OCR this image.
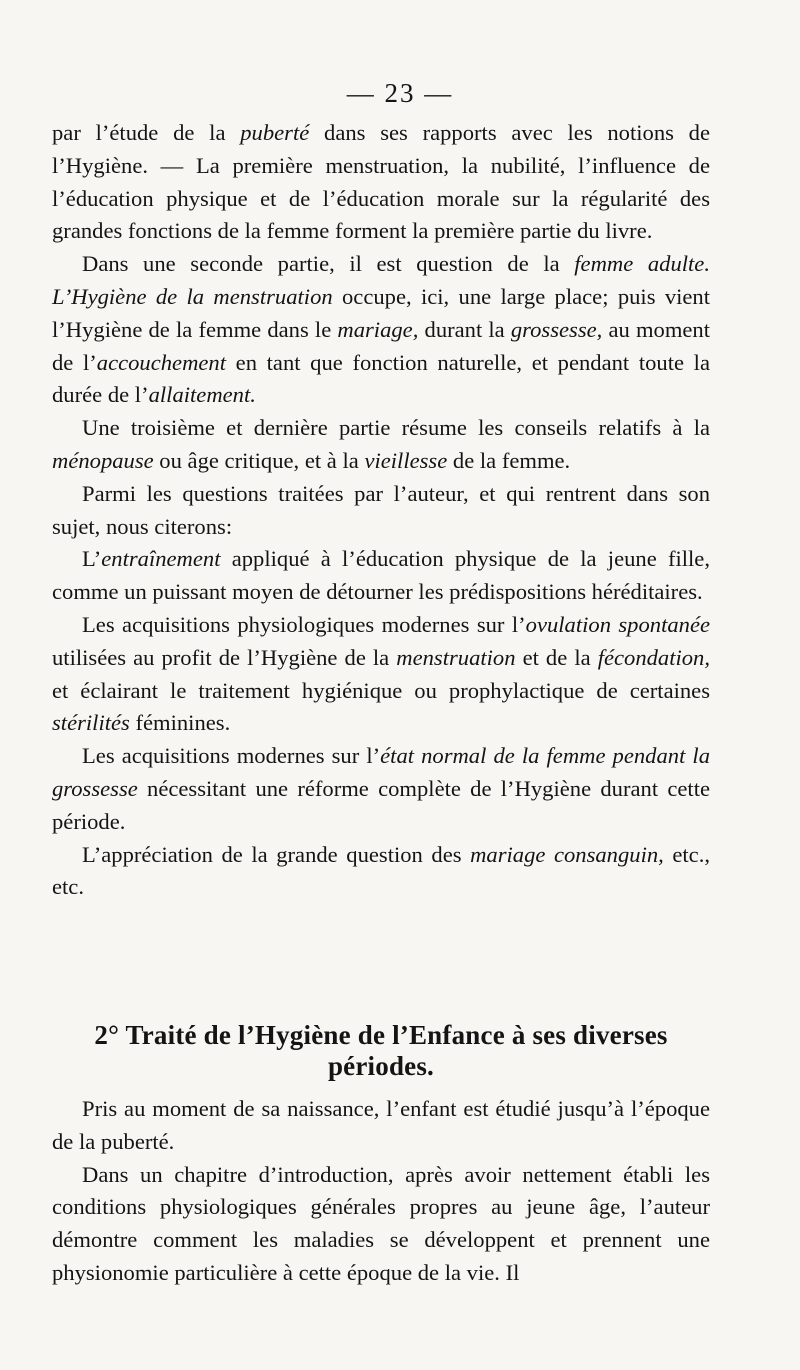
— 23 —

par l’étude de la puberté dans ses rapports avec les notions de l’Hygiène. — La première menstruation, la nubilité, l’influence de l’éducation physique et de l’éducation morale sur la régularité des grandes fonctions de la femme forment la première partie du livre.

Dans une seconde partie, il est question de la femme adulte. L’Hygiène de la menstruation occupe, ici, une large place; puis vient l’Hygiène de la femme dans le mariage, durant la grossesse, au moment de l’accouchement en tant que fonction naturelle, et pendant toute la durée de l’allaitement.

Une troisième et dernière partie résume les conseils relatifs à la ménopause ou âge critique, et à la vieillesse de la femme.

Parmi les questions traitées par l’auteur, et qui rentrent dans son sujet, nous citerons:

L’entraînement appliqué à l’éducation physique de la jeune fille, comme un puissant moyen de détourner les prédispositions héréditaires.

Les acquisitions physiologiques modernes sur l’ovulation spontanée utilisées au profit de l’Hygiène de la menstruation et de la fécondation, et éclairant le traitement hygiénique ou prophylactique de certaines stérilités féminines.

Les acquisitions modernes sur l’état normal de la femme pendant la grossesse nécessitant une réforme complète de l’Hygiène durant cette période.

L’appréciation de la grande question des mariage consanguin, etc., etc.

2° Traité de l’Hygiène de l’Enfance à ses diverses périodes.

Pris au moment de sa naissance, l’enfant est étudié jusqu’à l’époque de la puberté.

Dans un chapitre d’introduction, après avoir nettement établi les conditions physiologiques générales propres au jeune âge, l’auteur démontre comment les maladies se développent et prennent une physionomie particulière à cette époque de la vie. Il
